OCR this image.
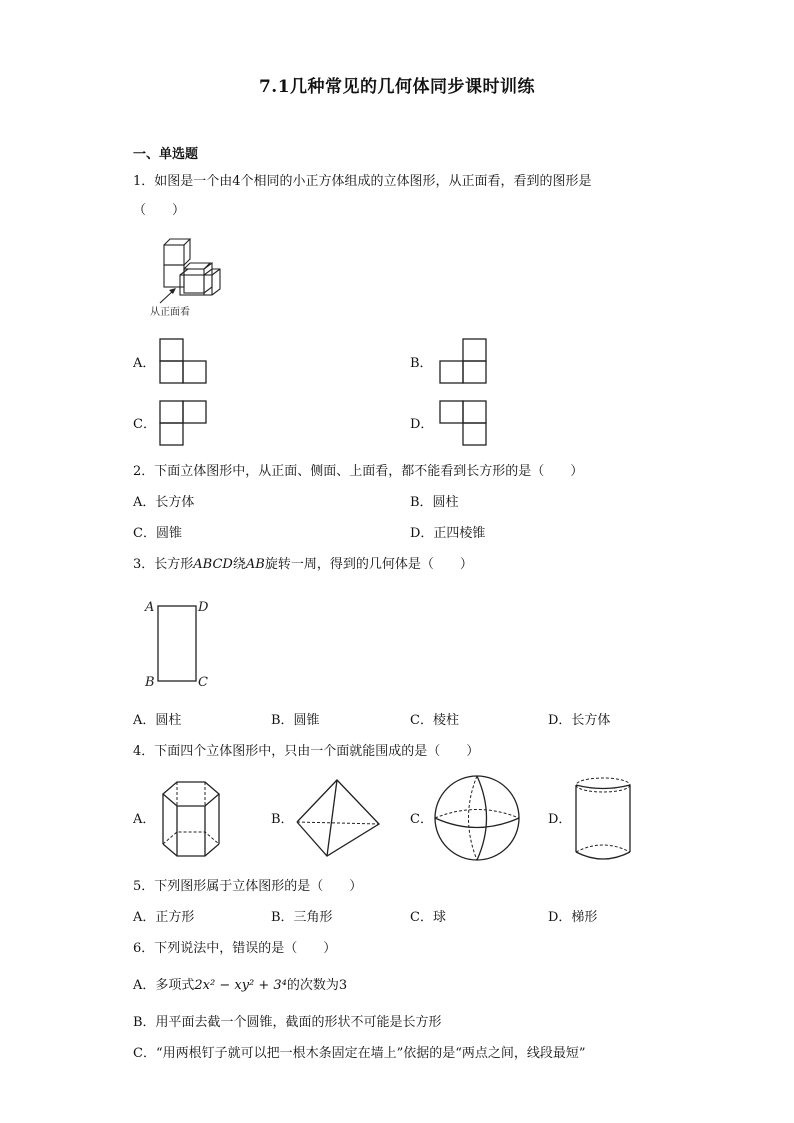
7.1几种常见的几何体同步课时训练
一、单选题
1．如图是一个由4个相同的小正方体组成的立体图形，从正面看，看到的图形是
（　　）
从正面看
A．	B．
C．	D．
2．下面立体图形中，从正面、侧面、上面看，都不能看到长方形的是（　　）
A．长方体	B．圆柱
C．圆锥	D．正四棱锥
3．长方形ABCD绕AB旋转一周，得到的几何体是（　　）
A	D
B	C
A．圆柱	B．圆锥	C．棱柱	D．长方体
4．下面四个立体图形中，只由一个面就能围成的是（　　）
A．	B．	C．	D．
5．下列图形属于立体图形的是（　　）
A．正方形	B．三角形	C．球	D．梯形
6．下列说法中，错误的是（　　）
A．多项式2x² − xy² + 3⁴的次数为3
B．用平面去截一个圆锥，截面的形状不可能是长方形
C．“用两根钉子就可以把一根木条固定在墙上”依据的是“两点之间，线段最短”
